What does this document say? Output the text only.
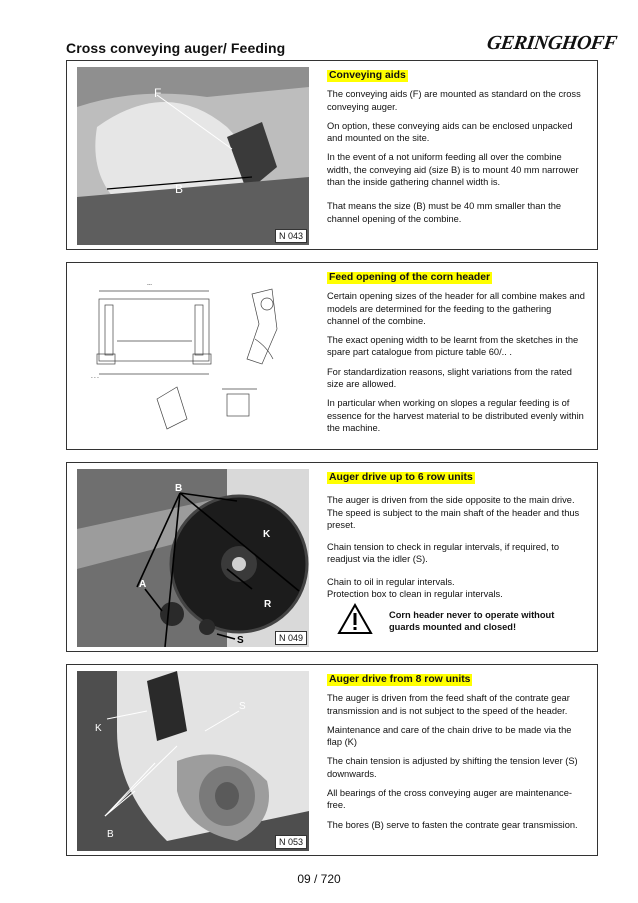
Cross conveying auger/ Feeding	GERINGHOFF
F
B
N 043
Conveying aids

The conveying aids (F) are mounted as standard on the cross conveying auger.

On option, these conveying aids can be enclosed unpacked and mounted on the site.

In the event of a not uniform feeding all over the combine width, the conveying aid (size B) is to mount 40 mm narrower than the inside gathering channel width is.

That means the size (B) must be 40 mm smaller than the channel opening of the combine.

---
- - -
Feed opening of the corn header

Certain opening sizes of the header for all combine makes and models are determined for the feeding to the gathering channel of the combine.

The exact opening width to be learnt from the sketches in the spare part catalogue from picture table 60/.. .

For standardization reasons, slight variations from the rated size are allowed.

In particular when working on slopes a regular feeding is of essence for the harvest material to be distributed evenly within the machine.

B
K
A
R
S	N 049
Auger drive up to 6 row units

The auger is driven from the side opposite to the main drive. The speed is subject to the main shaft of the header and thus preset.

Chain tension to check in regular intervals, if required, to readjust via the idler (S).

Chain to oil in regular intervals.

Protection box to clean in regular intervals.

Corn header never to operate without guards mounted and closed!
S
K
B
N 053
Auger drive from 8 row units

The auger is driven from the feed shaft of the contrate gear transmission and is not subject to the speed of the header.

Maintenance and care of the chain drive to be made via the flap (K)

The chain tension is adjusted by shifting the tension lever (S) downwards.

All bearings of the cross conveying auger are maintenance-free.

The bores (B) serve to fasten the contrate gear transmission.

09 / 720
